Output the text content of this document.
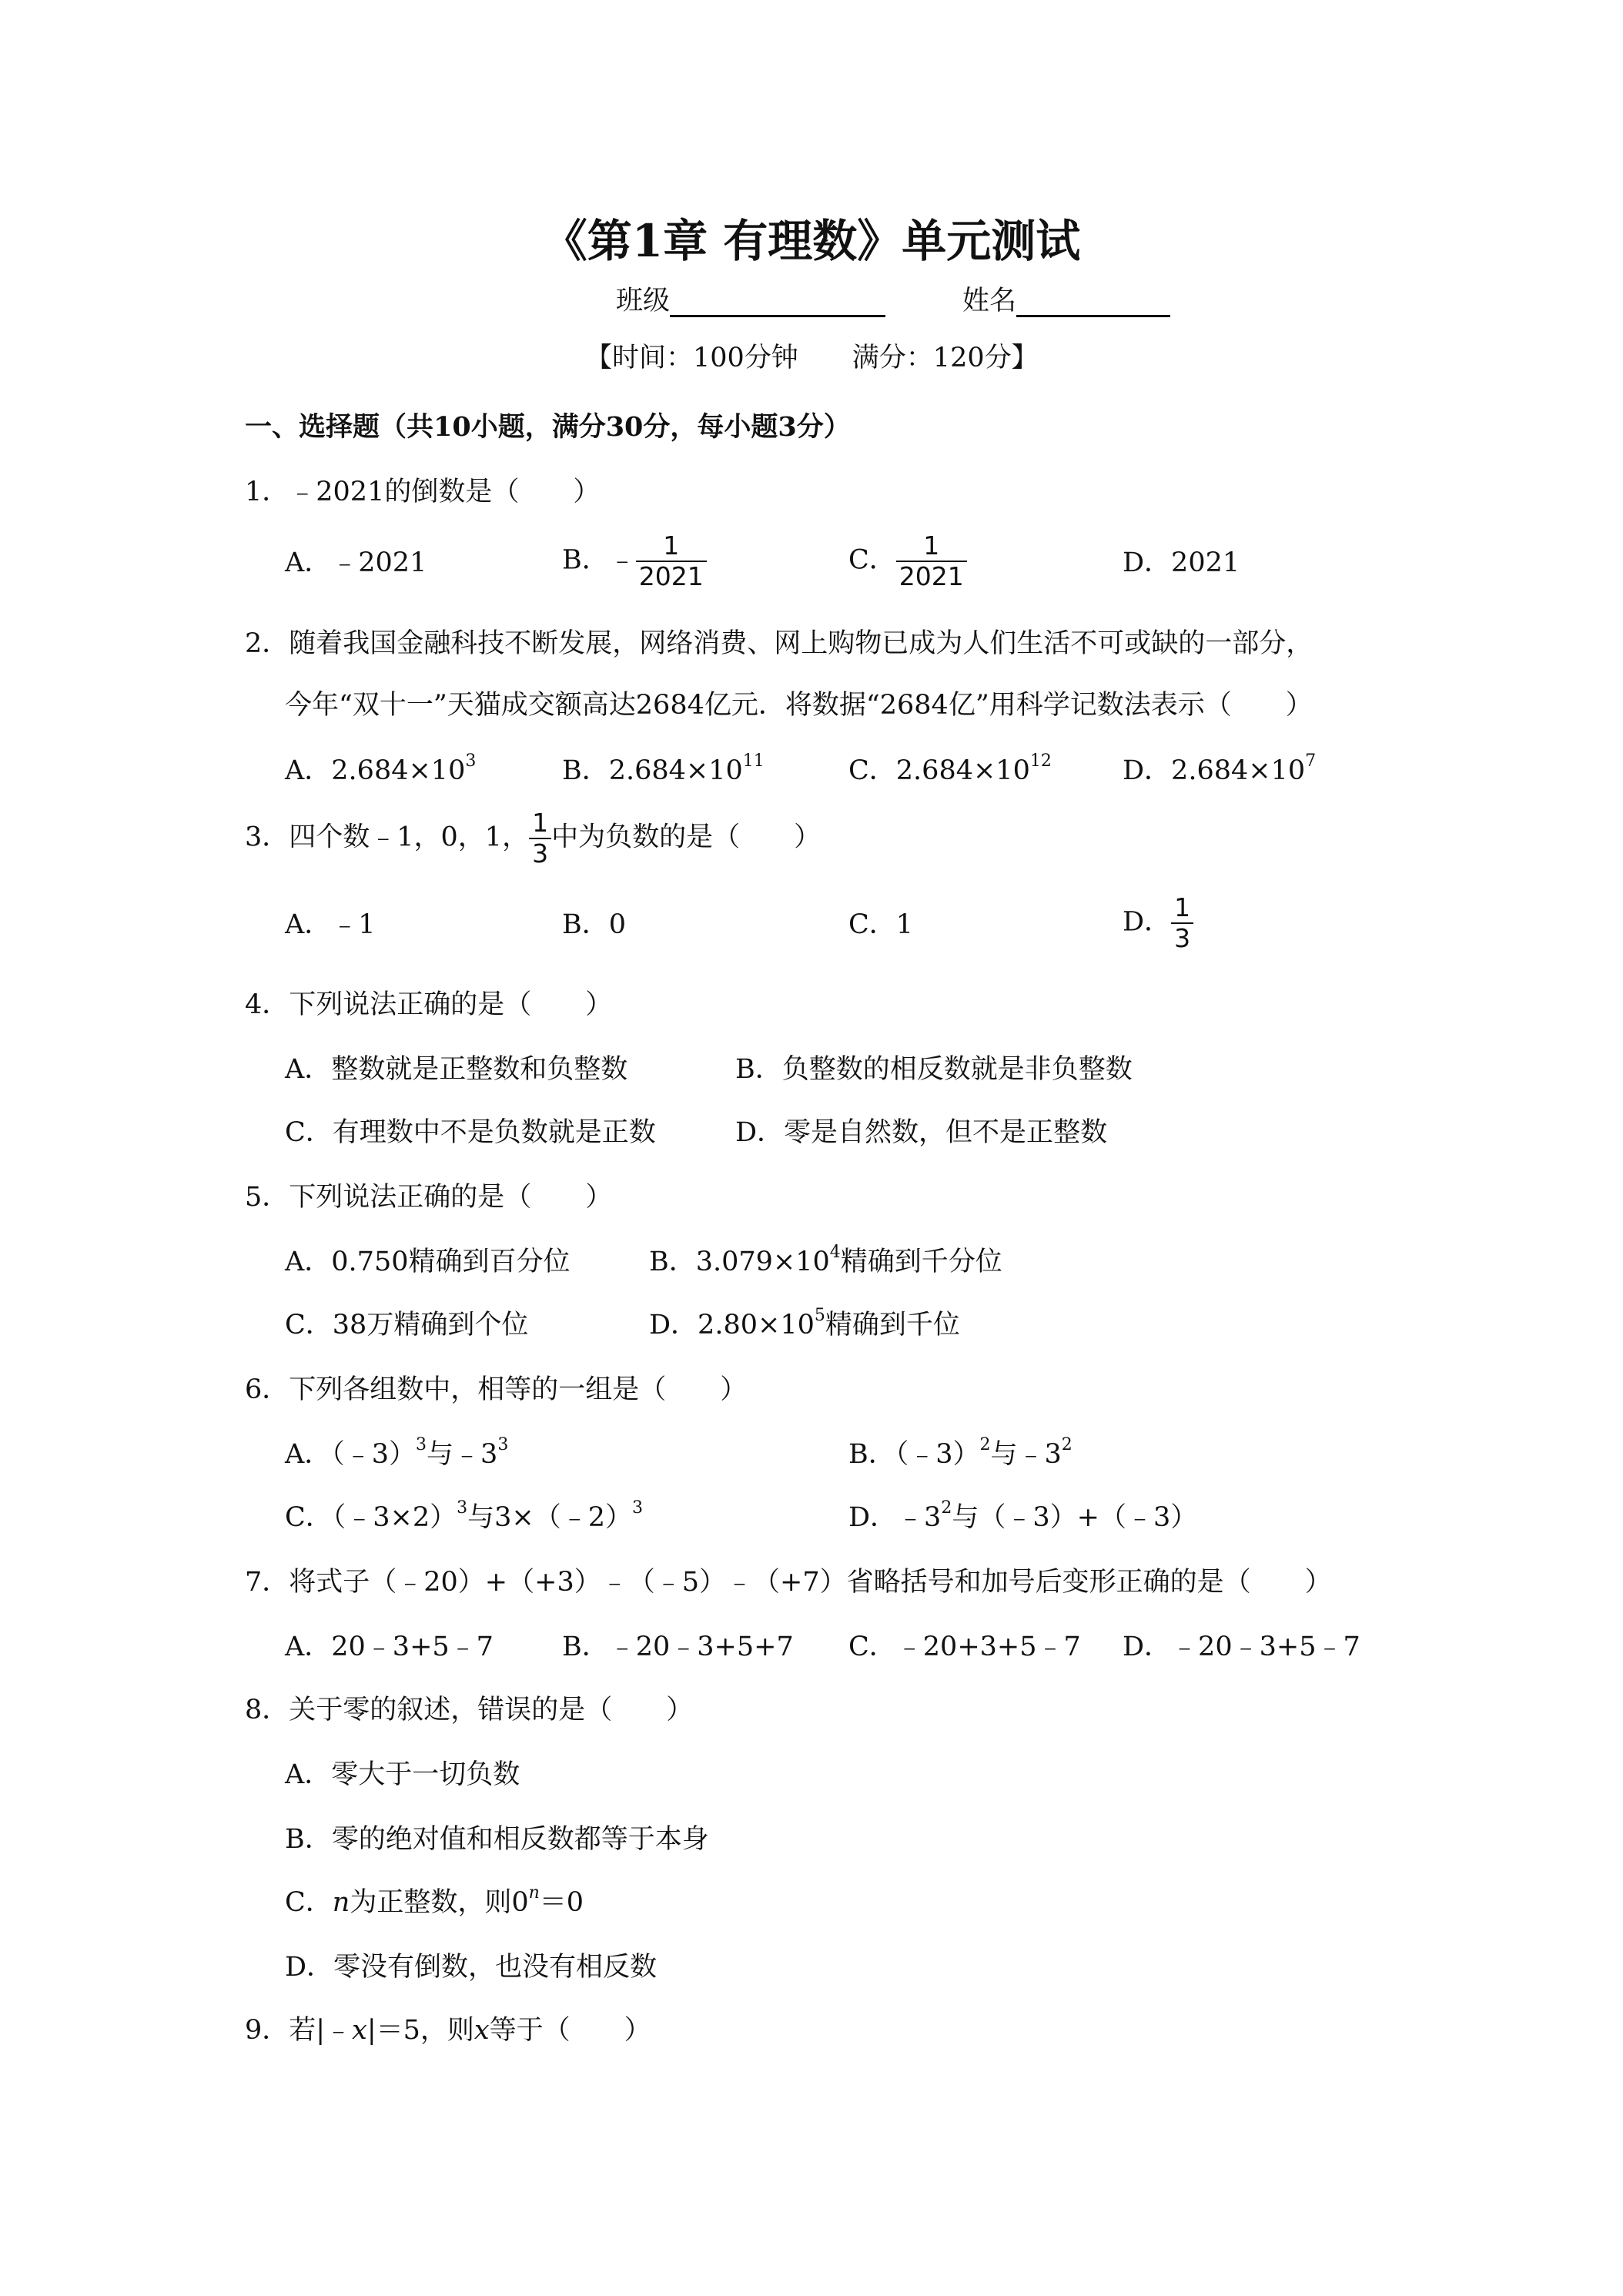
《第1章 有理数》单元测试
班级	姓名
【时间：100分钟　　满分：120分】
一、选择题（共10小题，满分30分，每小题3分）
1．﹣2021的倒数是（　　）
A．﹣2021	B．﹣ $\frac{1}{2021}$	C． $\frac{1}{2021}$	D．2021
2．随着我国金融科技不断发展，网络消费、网上购物已成为人们生活不可或缺的一部分，
今年“双十一”天猫成交额高达2684亿元．将数据“2684亿”用科学记数法表示（　　）
A．$2.684\times 10^3$	B．$2.684\times 10^{11}$	C．$2.684\times 10^{12}$	D．$2.684\times 10^7$
3．四个数﹣1，0，1， $\frac{1}{3}$ 中为负数的是（　　）
A．﹣1	B．0	C．1	D． $\frac{1}{3}$
4．下列说法正确的是（　　）
A．整数就是正整数和负整数	B．负整数的相反数就是非负整数
C．有理数中不是负数就是正数	D．零是自然数，但不是正整数
5．下列说法正确的是（　　）
A．0.750精确到百分位	B．$3.079\times 10^4$精确到千分位
C．38万精确到个位	D．$2.80\times 10^5$精确到千位
6．下列各组数中，相等的一组是（　　）
A．（﹣3）$^3$与$﹣3^3$	B．（﹣3）$^2$与$﹣3^2$
C．（﹣3×2）$^3$与3×（﹣2）$^3$	D．$﹣3^2$与（﹣3）+（﹣3）
7．将式子（﹣20）+（+3）﹣（﹣5）﹣（+7）省略括号和加号后变形正确的是（　　）
A．20﹣3+5﹣7	B．﹣20﹣3+5+7 C．﹣20+3+5﹣7 D．﹣20﹣3+5﹣7
8．关于零的叙述，错误的是（　　）
A．零大于一切负数
B．零的绝对值和相反数都等于本身
C．n为正整数，则$0^n=0$
D．零没有倒数，也没有相反数
9．若|﹣x|＝5，则x等于（　　）
